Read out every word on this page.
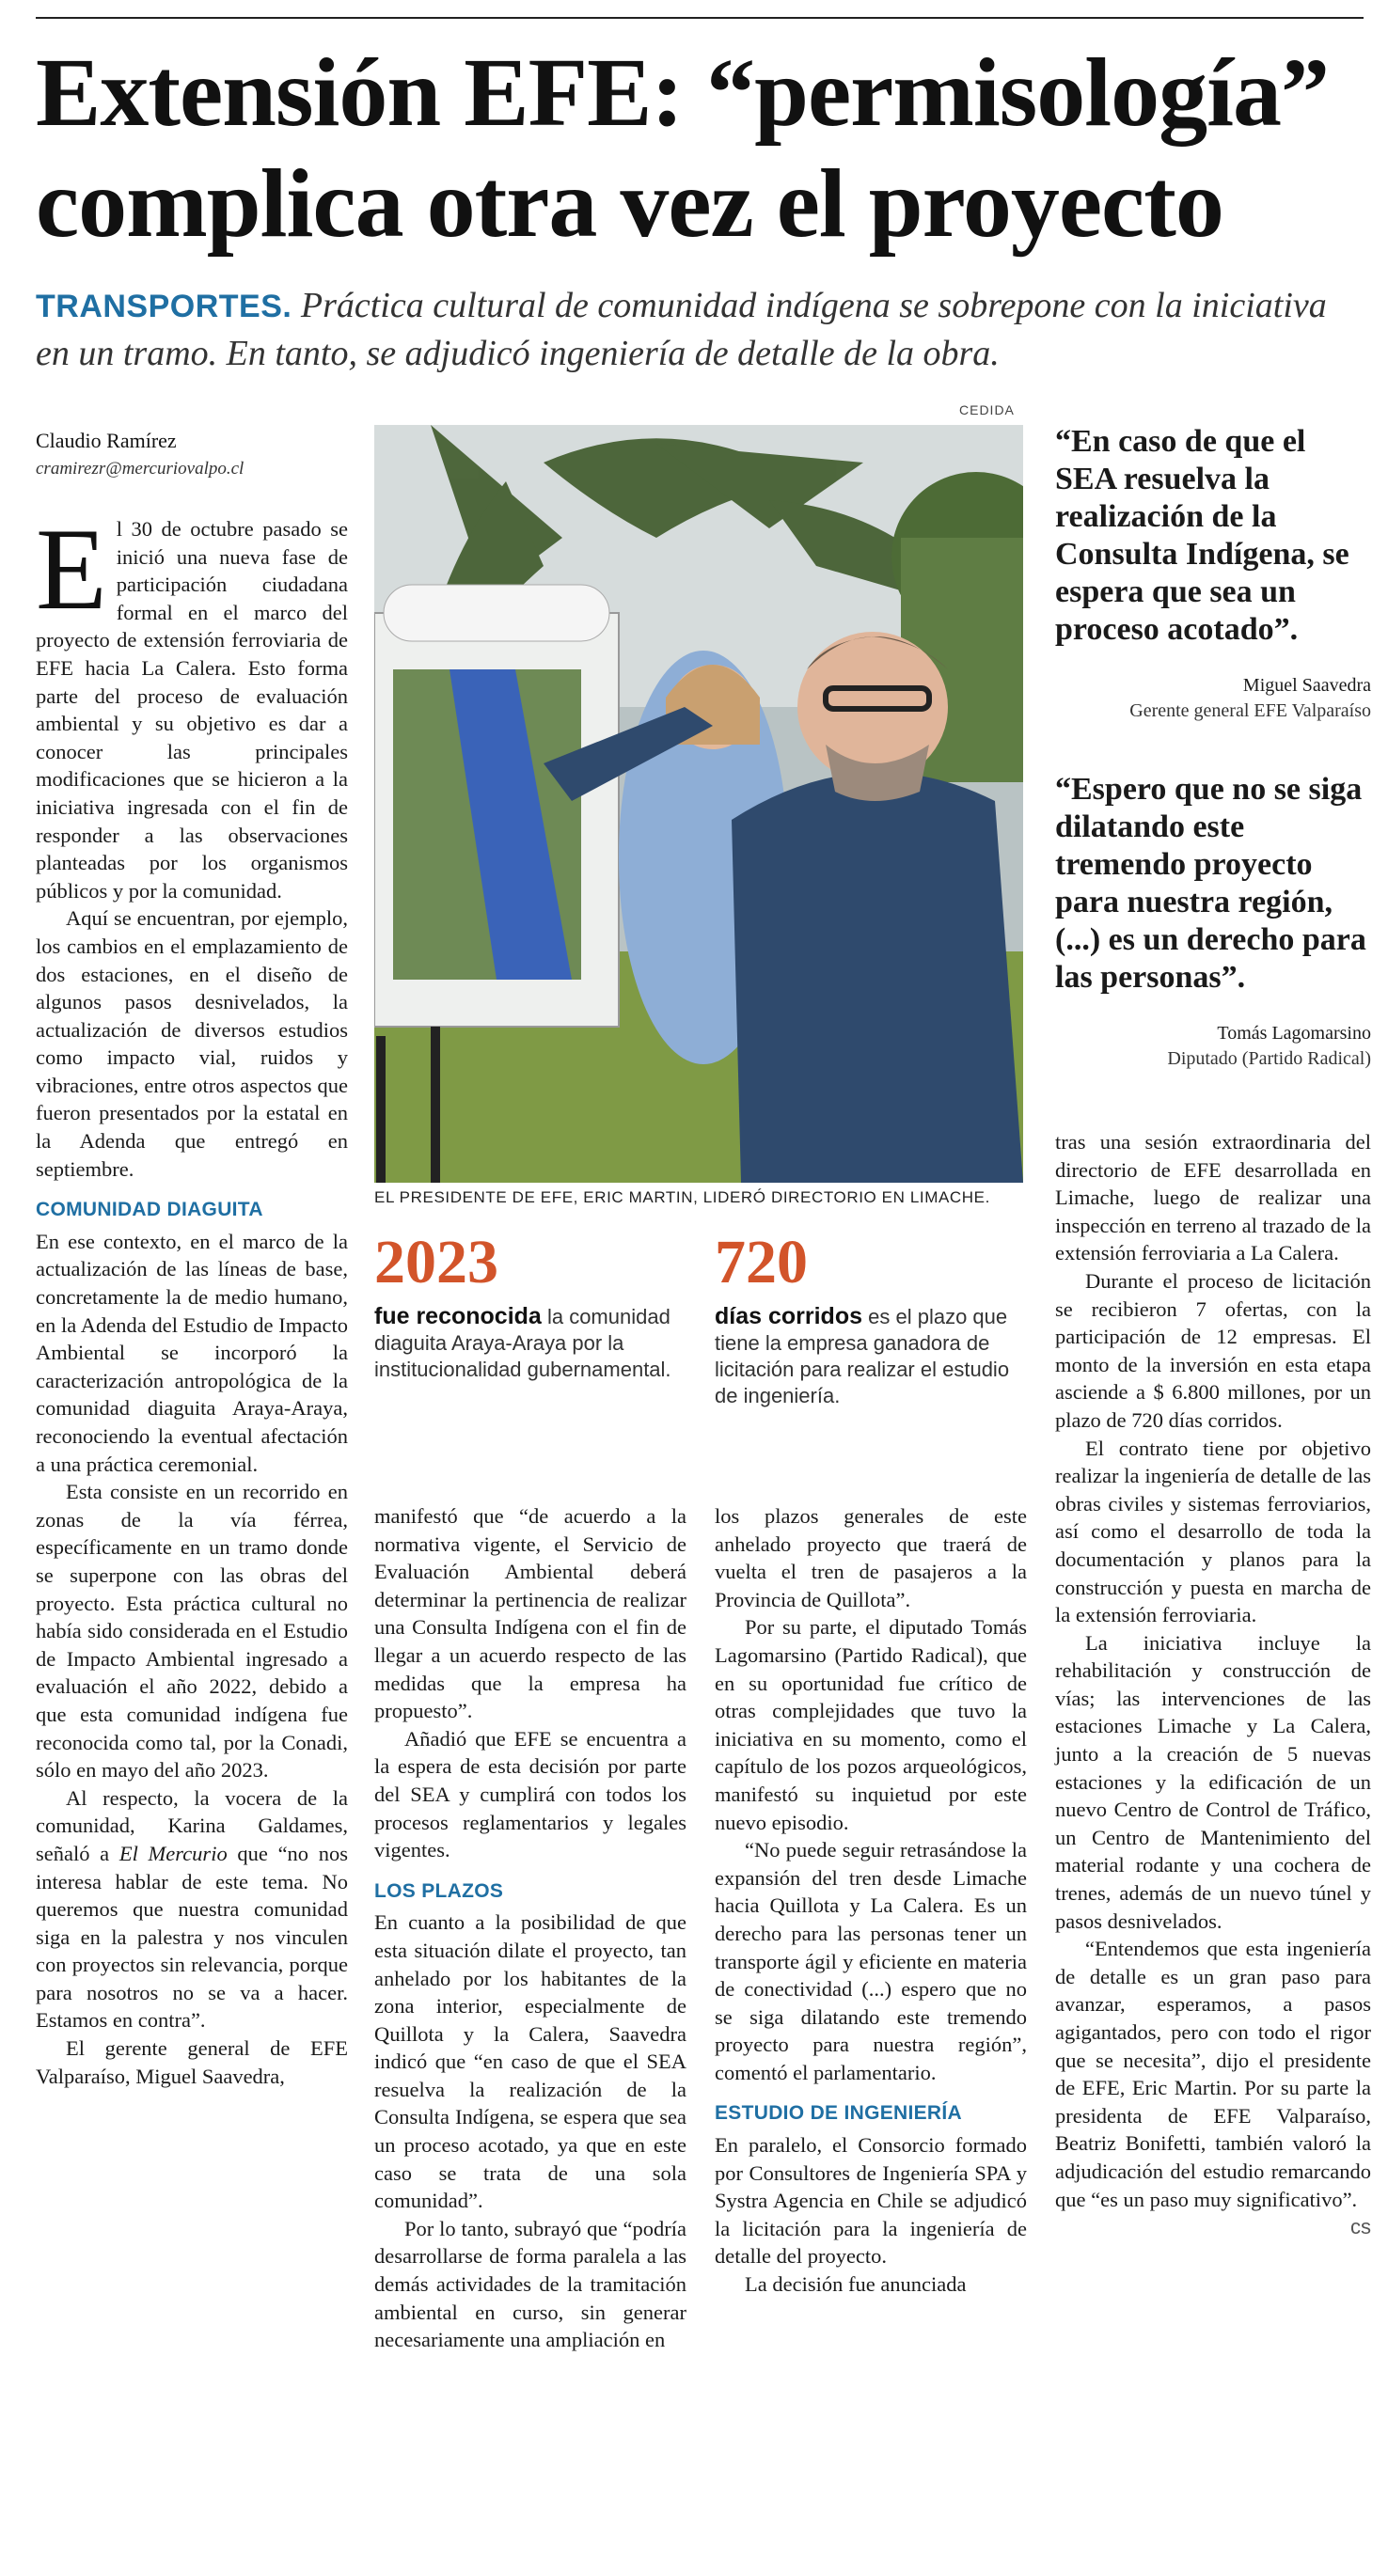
Extensión EFE: “permisología” complica otra vez el proyecto
TRANSPORTES. Práctica cultural de comunidad indígena se sobrepone con la iniciativa en un tramo. En tanto, se adjudicó ingeniería de detalle de la obra.
Claudio Ramírez
cramirezr@mercuriovalpo.cl

El 30 de octubre pasado se inició una nueva fase de participación ciudadana formal en el marco del proyecto de extensión ferroviaria de EFE hacia La Calera. Esto forma parte del proceso de evaluación ambiental y su objetivo es dar a conocer las principales modificaciones que se hicieron a la iniciativa ingresada con el fin de responder a las observaciones planteadas por los organismos públicos y por la comunidad.

Aquí se encuentran, por ejemplo, los cambios en el emplazamiento de dos estaciones, en el diseño de algunos pasos desnivelados, la actualización de diversos estudios como impacto vial, ruidos y vibraciones, entre otros aspectos que fueron presentados por la estatal en la Adenda que entregó en septiembre.

COMUNIDAD DIAGUITA

En ese contexto, en el marco de la actualización de las líneas de base, concretamente la de medio humano, en la Adenda del Estudio de Impacto Ambiental se incorporó la caracterización antropológica de la comunidad diaguita Araya-Araya, reconociendo la eventual afectación a una práctica ceremonial.

Esta consiste en un recorrido en zonas de la vía férrea, específicamente en un tramo donde se superpone con las obras del proyecto. Esta práctica cultural no había sido considerada en el Estudio de Impacto Ambiental ingresado a evaluación el año 2022, debido a que esta comunidad indígena fue reconocida como tal, por la Conadi, sólo en mayo del año 2023.

Al respecto, la vocera de la comunidad, Karina Galdames, señaló a El Mercurio que “no nos interesa hablar de este tema. No queremos que nuestra comunidad siga en la palestra y nos vinculen con proyectos sin relevancia, porque para nosotros no se va a hacer. Estamos en contra”.

El gerente general de EFE Valparaíso, Miguel Saavedra,

CEDIDA
EL PRESIDENTE DE EFE, ERIC MARTIN, LIDERÓ DIRECTORIO EN LIMACHE.
2023
fue reconocida la comunidad diaguita Araya-Araya por la institucionalidad gubernamental.
720
días corridos es el plazo que tiene la empresa ganadora de licitación para realizar el estudio de ingeniería.

manifestó que “de acuerdo a la normativa vigente, el Servicio de Evaluación Ambiental deberá determinar la pertinencia de realizar una Consulta Indígena con el fin de llegar a un acuerdo respecto de las medidas que la empresa ha propuesto”.

Añadió que EFE se encuentra a la espera de esta decisión por parte del SEA y cumplirá con todos los procesos reglamentarios y legales vigentes.

LOS PLAZOS

En cuanto a la posibilidad de que esta situación dilate el proyecto, tan anhelado por los habitantes de la zona interior, especialmente de Quillota y la Calera, Saavedra indicó que “en caso de que el SEA resuelva la realización de la Consulta Indígena, se espera que sea un proceso acotado, ya que en este caso se trata de una sola comunidad”.

Por lo tanto, subrayó que “podría desarrollarse de forma paralela a las demás actividades de la tramitación ambiental en curso, sin generar necesariamente una ampliación en

los plazos generales de este anhelado proyecto que traerá de vuelta el tren de pasajeros a la Provincia de Quillota”.

Por su parte, el diputado Tomás Lagomarsino (Partido Radical), que en su oportunidad fue crítico de otras complejidades que tuvo la iniciativa en su momento, como el capítulo de los pozos arqueológicos, manifestó su inquietud por este nuevo episodio.

“No puede seguir retrasándose la expansión del tren desde Limache hacia Quillota y La Calera. Es un derecho para las personas tener un transporte ágil y eficiente en materia de conectividad (...) espero que no se siga dilatando este tremendo proyecto para nuestra región”, comentó el parlamentario.

ESTUDIO DE INGENIERÍA

En paralelo, el Consorcio formado por Consultores de Ingeniería SPA y Systra Agencia en Chile se adjudicó la licitación para la ingeniería de detalle del proyecto.

La decisión fue anunciada

“En caso de que el SEA resuelva la realización de la Consulta Indígena, se espera que sea un proceso acotado”.
Miguel Saavedra
Gerente general EFE Valparaíso
“Espero que no se siga dilatando este tremendo proyecto para nuestra región, (...) es un derecho para las personas”.
Tomás Lagomarsino
Diputado (Partido Radical)

tras una sesión extraordinaria del directorio de EFE desarrollada en Limache, luego de realizar una inspección en terreno al trazado de la extensión ferroviaria a La Calera.

Durante el proceso de licitación se recibieron 7 ofertas, con la participación de 12 empresas. El monto de la inversión en esta etapa asciende a $ 6.800 millones, por un plazo de 720 días corridos.

El contrato tiene por objetivo realizar la ingeniería de detalle de las obras civiles y sistemas ferroviarios, así como el desarrollo de toda la documentación y planos para la construcción y puesta en marcha de la extensión ferroviaria.

La iniciativa incluye la rehabilitación y construcción de vías; las intervenciones de las estaciones Limache y La Calera, junto a la creación de 5 nuevas estaciones y la edificación de un nuevo Centro de Control de Tráfico, un Centro de Mantenimiento del material rodante y una cochera de trenes, además de un nuevo túnel y pasos desnivelados.

“Entendemos que esta ingeniería de detalle es un gran paso para avanzar, esperamos, a pasos agigantados, pero con todo el rigor que se necesita”, dijo el presidente de EFE, Eric Martin. Por su parte la presidenta de EFE Valparaíso, Beatriz Bonifetti, también valoró la adjudicación del estudio remarcando que “es un paso muy significativo”.

cs
